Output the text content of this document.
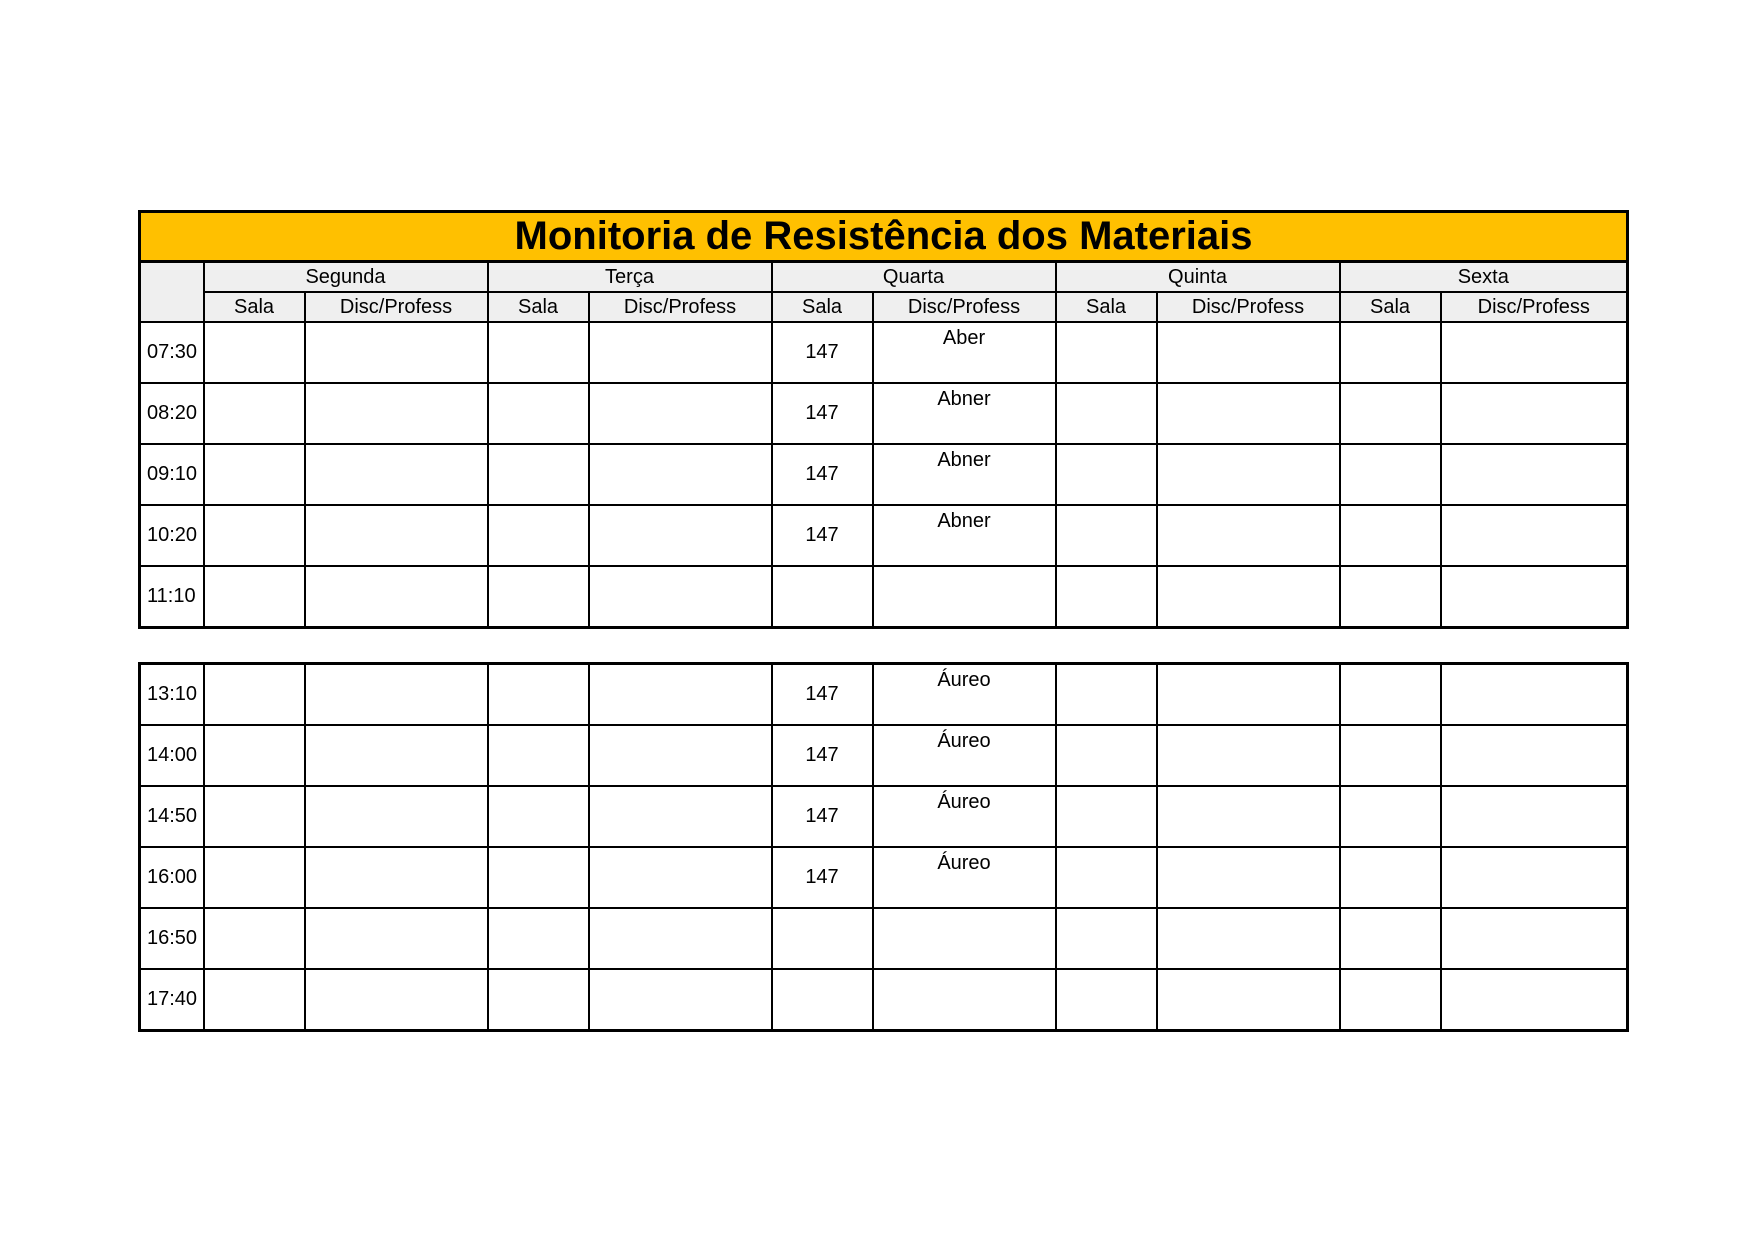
Monitoria de Resistência dos Materiais										
	Segunda		Terça		Quarta		Quinta		Sexta	
	Sala	Disc/Profess	Sala	Disc/Profess	Sala	Disc/Profess	Sala	Disc/Profess	Sala	Disc/Profess
07:30					147	Aber				
08:20					147	Abner				
09:10					147	Abner				
10:20					147	Abner				
11:10										
13:10					147	Áureo				
14:00					147	Áureo				
14:50					147	Áureo				
16:00					147	Áureo				
16:50										
17:40										
